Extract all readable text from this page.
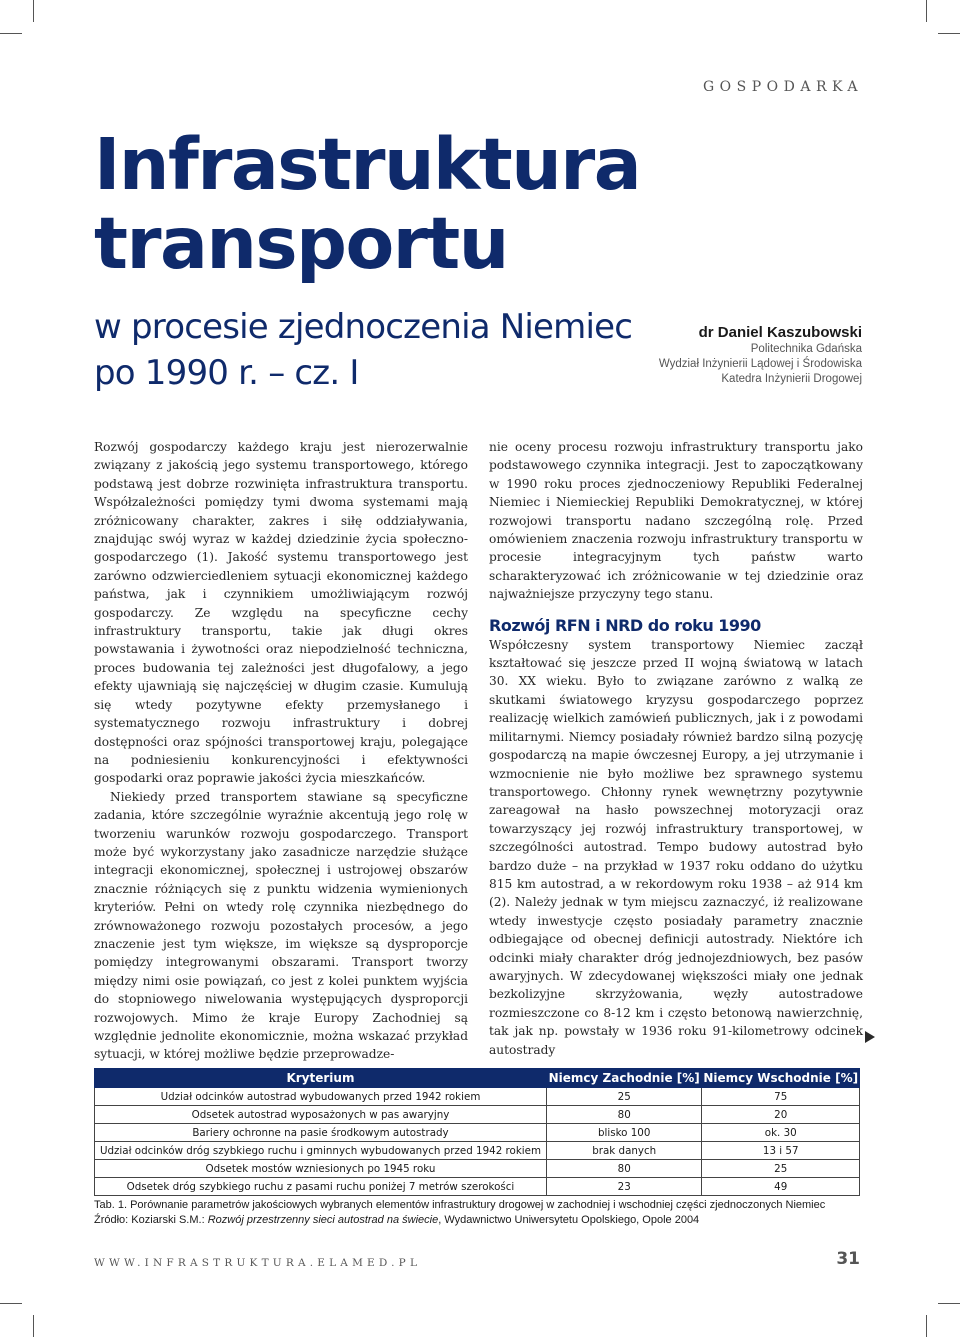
GOSPODARKA
Infrastruktura
transportu
w procesie zjednoczenia Niemiec
po 1990 r. – cz. I
dr Daniel Kaszubowski
Politechnika Gdańska
Wydział Inżynierii Lądowej i Środowiska
Katedra Inżynierii Drogowej

Rozwój gospodarczy każdego kraju jest nierozerwalnie związany z jakością jego systemu transportowego, którego podstawą jest dobrze rozwinięta infrastruktura transportu. Współzależności pomiędzy tymi dwoma systemami mają zróżnicowany charakter, zakres i siłę oddziaływania, znajdując swój wyraz w każdej dziedzinie życia społeczno-gospodarczego (1). Jakość systemu transportowego jest zarówno odzwierciedleniem sytuacji ekonomicznej każdego państwa, jak i czynnikiem umożliwiającym rozwój gospodarczy. Ze względu na specyficzne cechy infrastruktury transportu, takie jak długi okres powstawania i żywotności oraz niepodzielność techniczna, proces budowania tej zależności jest długofalowy, a jego efekty ujawniają się najczęściej w długim czasie. Kumulują się wtedy pozytywne efekty przemysłanego i systematycznego rozwoju infrastruktury i dobrej dostępności oraz spójności transportowej kraju, polegające na podniesieniu konkurencyjności i efektywności gospodarki oraz poprawie jakości życia mieszkańców.

Niekiedy przed transportem stawiane są specyficzne zadania, które szczególnie wyraźnie akcentują jego rolę w tworzeniu warunków rozwoju gospodarczego. Transport może być wykorzystany jako zasadnicze narzędzie służące integracji ekonomicznej, społecznej i ustrojowej obszarów znacznie różniących się z punktu widzenia wymienionych kryteriów. Pełni on wtedy rolę czynnika niezbędnego do zrównoważonego rozwoju pozostałych procesów, a jego znaczenie jest tym większe, im większe są dysproporcje pomiędzy integrowanymi obszarami. Transport tworzy między nimi osie powiązań, co jest z kolei punktem wyjścia do stopniowego niwelowania występujących dysproporcji rozwojowych. Mimo że kraje Europy Zachodniej są względnie jednolite ekonomicznie, można wskazać przykład sytuacji, w której możliwe będzie przeprowadze-

nie oceny procesu rozwoju infrastruktury transportu jako podstawowego czynnika integracji. Jest to zapoczątkowany w 1990 roku proces zjednoczeniowy Republiki Federalnej Niemiec i Niemieckiej Republiki Demokratycznej, w której rozwojowi transportu nadano szczególną rolę. Przed omówieniem znaczenia rozwoju infrastruktury transportu w procesie integracyjnym tych państw warto scharakteryzować ich zróżnicowanie w tej dziedzinie oraz najważniejsze przyczyny tego stanu.

Rozwój RFN i NRD do roku 1990

Współczesny system transportowy Niemiec zaczął kształtować się jeszcze przed II wojną światową w latach 30. XX wieku. Było to związane zarówno z walką ze skutkami światowego kryzysu gospodarczego poprzez realizację wielkich zamówień publicznych, jak i z powodami militarnymi. Niemcy posiadały również bardzo silną pozycję gospodarczą na mapie ówczesnej Europy, a jej utrzymanie i wzmocnienie nie było możliwe bez sprawnego systemu transportowego. Chłonny rynek wewnętrzny pozytywnie zareagował na hasło powszechnej motoryzacji oraz towarzyszący jej rozwój infrastruktury transportowej, w szczególności autostrad. Tempo budowy autostrad było bardzo duże – na przykład w 1937 roku oddano do użytku 815 km autostrad, a w rekordowym roku 1938 – aż 914 km (2). Należy jednak w tym miejscu zaznaczyć, iż realizowane wtedy inwestycje często posiadały parametry znacznie odbiegające od obecnej definicji autostrady. Niektóre ich odcinki miały charakter dróg jednojezdniowych, bez pasów awaryjnych. W zdecydowanej większości miały one jednak bezkolizyjne skrzyżowania, węzły autostradowe rozmieszczone co 8-12 km i często betonową nawierzchnię, tak jak np. powstały w 1936 roku 91-kilometrowy odcinek autostrady

Kryterium	Niemcy Zachodnie [%]	Niemcy Wschodnie [%]
Udział odcinków autostrad wybudowanych przed 1942 rokiem	25	75
Odsetek autostrad wyposażonych w pas awaryjny	80	20
Bariery ochronne na pasie środkowym autostrady	blisko 100	ok. 30
Udział odcinków dróg szybkiego ruchu i gminnych wybudowanych przed 1942 rokiem	brak danych	13 i 57
Odsetek mostów wzniesionych po 1945 roku	80	25
Odsetek dróg szybkiego ruchu z pasami ruchu poniżej 7 metrów szerokości	23	49
Tab. 1. Porównanie parametrów jakościowych wybranych elementów infrastruktury drogowej w zachodniej i wschodniej części zjednoczonych Niemiec
Źródło: Koziarski S.M.: Rozwój przestrzenny sieci autostrad na świecie, Wydawnictwo Uniwersytetu Opolskiego, Opole 2004
WWW.INFRASTRUKTURA.ELAMED.PL	31
